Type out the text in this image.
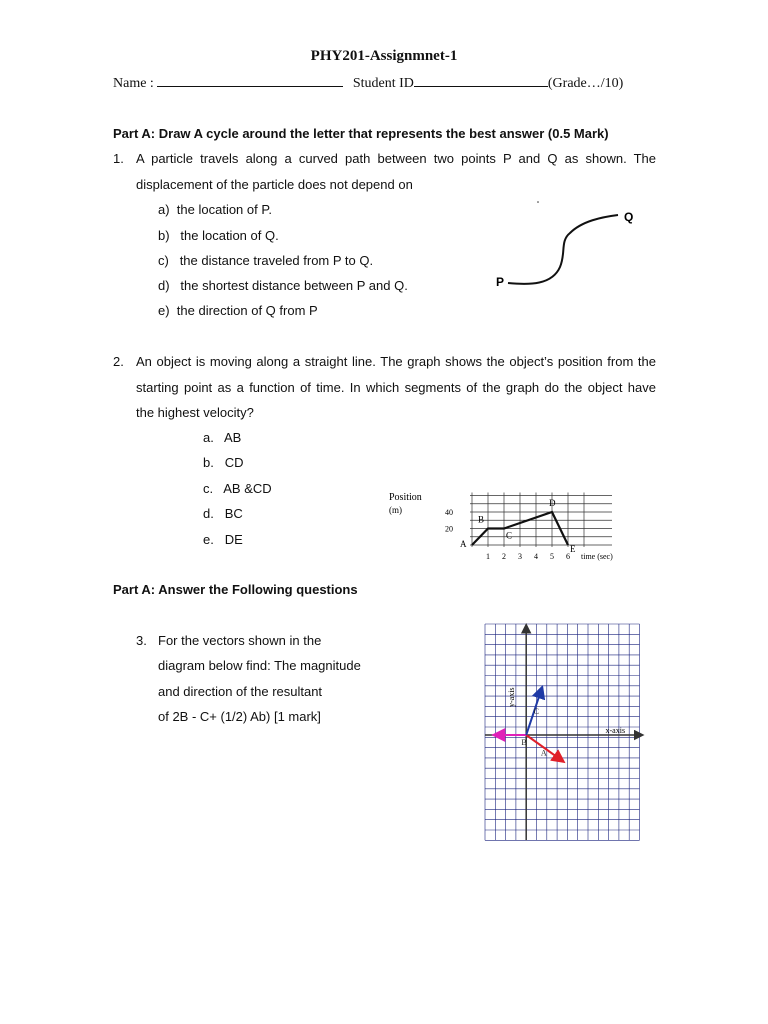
PHY201-Assignmnet-1
Name :	Student ID	(Grade…/10)
Part A: Draw A cycle around the letter that represents the best answer (0.5 Mark)
1. A particle travels along a curved path between two points P and Q as shown. The
displacement of the particle does not depend on
a) the location of P.
b) the location of Q.
c) the distance traveled from P to Q.
d) the shortest distance between P and Q.
e) the direction of Q from P
P
Q
2. An object is moving along a straight line. The graph shows the object’s position from the
starting point as a function of time. In which segments of the graph do the object have
the highest velocity?
a. AB
b. CD
c. AB &CD
d. BC
e. DE	A
B
C
D
E
20
40
1 2 3 4 5 6
Position
(m)
time (sec)
Part A: Answer the Following questions
3. For the vectors shown in the
diagram below find: The magnitude
and direction of the resultant
of 2B - C+ (1/2) Ab) [1 mark]
x-axis
y-axis
A
B
C
